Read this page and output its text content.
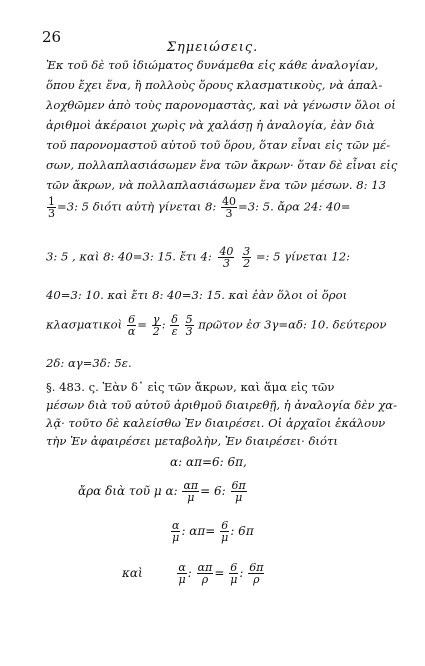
26
Σημειώσεις.
Ἐκ τοῦ δὲ τοῦ ἰδιώματος δυνάμεθα εἰς κάθε ἀναλογίαν,
ὅπου ἔχει ἕνα, ἢ πολλοὺς ὅρους κλασματικοὺς, νὰ ἀπαλ-
λοχθῶμεν ἀπὸ τοὺς παρονομαστὰς, καὶ νὰ γένωσιν ὅλοι οἱ
ἀριθμοὶ ἀκέραιοι χωρὶς νὰ χαλάσῃ ἡ ἀναλογία, ἐὰν διὰ
τοῦ παρονομαστοῦ αὐτοῦ τοῦ ὅρου, ὅταν εἶναι εἰς τῶν μέ-
σων, πολλαπλασιάσωμεν ἕνα τῶν ἄκρων· ὅταν δὲ εἶναι εἰς
τῶν ἄκρων, νὰ πολλαπλασιάσωμεν ἕνα τῶν μέσων. 8: 13
$\frac{1}{3} =3$: 5 διότι αὐτὴ γίνεται 8: $\frac{40}{3} =3$: 5. ἄρα 24: 40=
3: 5 , καὶ 8: 40=3: 15. ἔτι 4: $\frac{40}{3}$
$\frac{3}{2}$ =: 5 γίνεται 12:
40=3: 10. καὶ ἔτι 8: 40=3: 15. καὶ ἐὰν ὅλοι οἱ ὅροι
κλασματικοὶ $\frac{6}{\alpha} = \frac{\gamma}{2}$ : $\frac{\delta}{\varepsilon}$
$\frac{5}{3}$ πρῶτον ἐσ 3γ=αδ: 10. δεύτερον
2δ: αγ=3δ: 5ε.
§. 483. ς. Ἐὰν δ᾽ εἰς τῶν ἄκρων, καὶ ἅμα εἰς τῶν
μέσων διὰ τοῦ αὐτοῦ ἀριθμοῦ διαιρεθῇ, ἡ ἀναλογία δὲν χα-
λᾷ· τοῦτο δὲ καλείσθω Ἐν διαιρέσει. Οἱ ἀρχαῖοι ἐκάλουν
τὴν Ἐν ἀφαιρέσει μεταβολὴν, Ἐν διαιρέσει· διότι
α: απ=6: 6π,
ἄρα διὰ τοῦ μ α: $\frac{\alpha\pi}{\mu} = 6$: $\frac{6\pi}{\mu}$
$\frac{\alpha}{\mu}$ : $\alpha\pi= \frac{6}{\mu}$ : 6π
καὶ	$\frac{\alpha}{\mu}$ : $\frac{\alpha\pi}{\rho} = \frac{6}{\mu}$ : $\frac{6\pi}{\rho}$
